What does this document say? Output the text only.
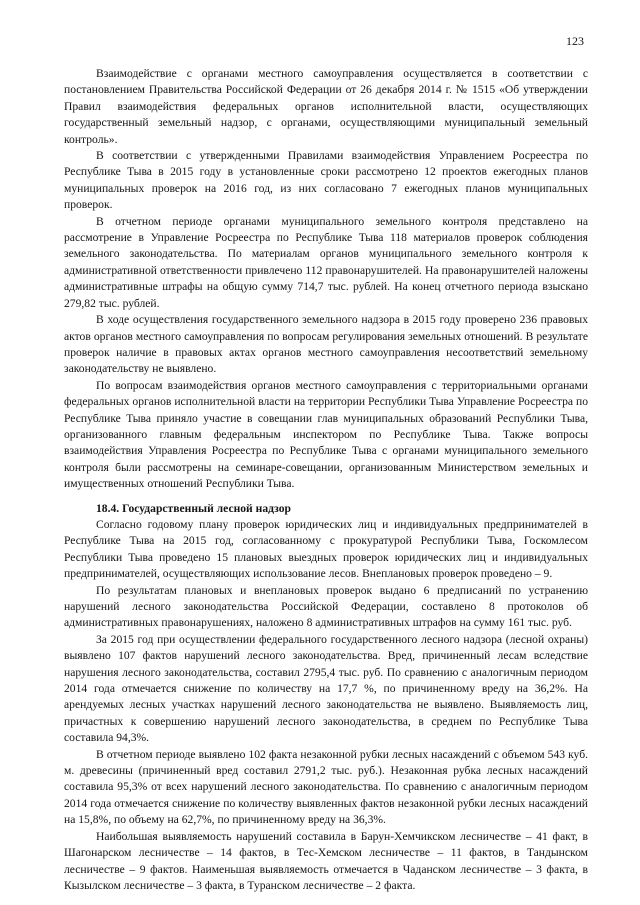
123

Взаимодействие с органами местного самоуправления осуществляется в соответствии с постановлением Правительства Российской Федерации от 26 декабря 2014 г. № 1515 «Об утверждении Правил взаимодействия федеральных органов исполнительной власти, осуществляющих государственный земельный надзор, с органами, осуществляющими муниципальный земельный контроль».

В соответствии с утвержденными Правилами взаимодействия Управлением Росреестра по Республике Тыва в 2015 году в установленные сроки рассмотрено 12 проектов ежегодных планов муниципальных проверок на 2016 год, из них согласовано 7 ежегодных планов муниципальных проверок.

В отчетном периоде органами муниципального земельного контроля представлено на рассмотрение в Управление Росреестра по Республике Тыва 118 материалов проверок соблюдения земельного законодательства. По материалам органов муниципального земельного контроля к административной ответственности привлечено 112 правонарушителей. На правонарушителей наложены административные штрафы на общую сумму 714,7 тыс. рублей. На конец отчетного периода взыскано 279,82 тыс. рублей.

В ходе осуществления государственного земельного надзора в 2015 году проверено 236 правовых актов органов местного самоуправления по вопросам регулирования земельных отношений. В результате проверок наличие в правовых актах органов местного самоуправления несоответствий земельному законодательству не выявлено.

По вопросам взаимодействия органов местного самоуправления с территориальными органами федеральных органов исполнительной власти на территории Республики Тыва Управление Росреестра по Республике Тыва приняло участие в совещании глав муниципальных образований Республики Тыва, организованного главным федеральным инспектором по Республике Тыва. Также вопросы взаимодействия Управления Росреестра по Республике Тыва с органами муниципального земельного контроля были рассмотрены на семинаре-совещании, организованным Министерством земельных и имущественных отношений Республики Тыва.

18.4. Государственный лесной надзор

Согласно годовому плану проверок юридических лиц и индивидуальных предпринимателей в Республике Тыва на 2015 год, согласованному с прокуратурой Республики Тыва, Госкомлесом Республики Тыва проведено 15 плановых выездных проверок юридических лиц и индивидуальных предпринимателей, осуществляющих использование лесов. Внеплановых проверок проведено – 9.

По результатам плановых и внеплановых проверок выдано 6 предписаний по устранению нарушений лесного законодательства Российской Федерации, составлено 8 протоколов об административных правонарушениях, наложено 8 административных штрафов на сумму 161 тыс. руб.

За 2015 год при осуществлении федерального государственного лесного надзора (лесной охраны) выявлено 107 фактов нарушений лесного законодательства. Вред, причиненный лесам вследствие нарушения лесного законодательства, составил 2795,4 тыс. руб. По сравнению с аналогичным периодом 2014 года отмечается снижение по количеству на 17,7 %, по причиненному вреду на 36,2%. На арендуемых лесных участках нарушений лесного законодательства не выявлено. Выявляемость лиц, причастных к совершению нарушений лесного законодательства, в среднем по Республике Тыва составила 94,3%.

В отчетном периоде выявлено 102 факта незаконной рубки лесных насаждений с объемом 543 куб. м. древесины (причиненный вред составил 2791,2 тыс. руб.). Незаконная рубка лесных насаждений составила 95,3% от всех нарушений лесного законодательства. По сравнению с аналогичным периодом 2014 года отмечается снижение по количеству выявленных фактов незаконной рубки лесных насаждений на 15,8%, по объему на 62,7%, по причиненному вреду на 36,3%.

Наибольшая выявляемость нарушений составила в Барун-Хемчикском лесничестве – 41 факт, в Шагонарском лесничестве – 14 фактов, в Тес-Хемском лесничестве – 11 фактов, в Тандынском лесничестве – 9 фактов. Наименьшая выявляемость отмечается в Чаданском лесничестве – 3 факта, в Кызылском лесничестве – 3 факта, в Туранском лесничестве – 2 факта.
